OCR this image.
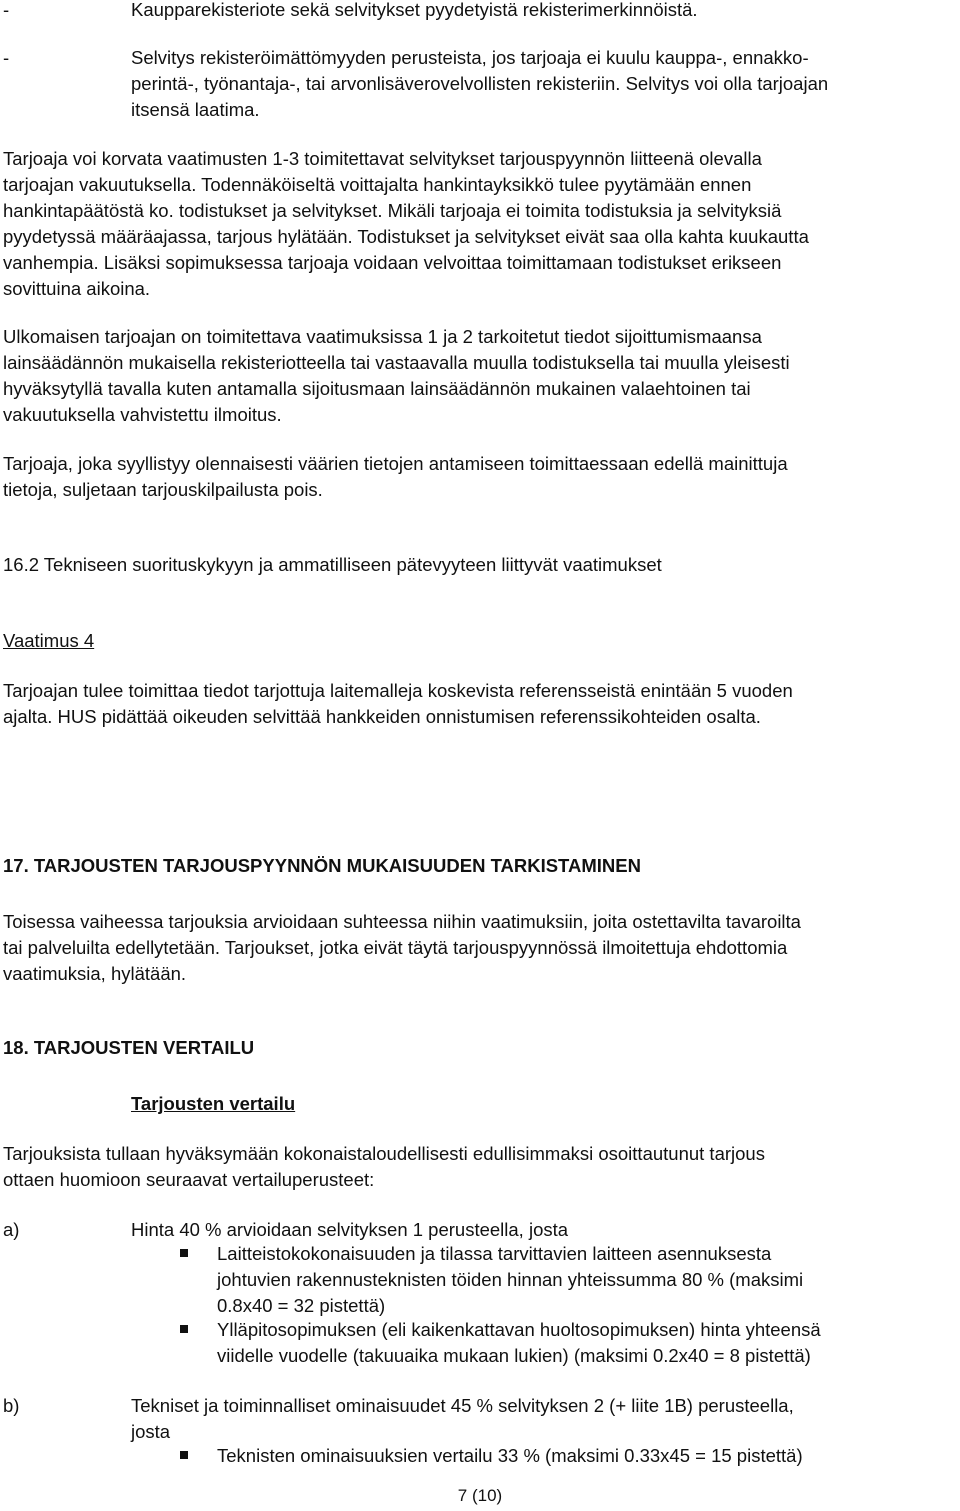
-	Kaupparekisteriote sekä selvitykset pyydetyistä rekisterimerkinnöistä.
-	Selvitys rekisteröimättömyyden perusteista, jos tarjoaja ei kuulu kauppa-, ennakko-
perintä-, työnantaja-, tai arvonlisäverovelvollisten rekisteriin. Selvitys voi olla tarjoajan
itsensä laatima.
Tarjoaja voi korvata vaatimusten 1-3 toimitettavat selvitykset tarjouspyynnön liitteenä olevalla
tarjoajan vakuutuksella. Todennäköiseltä voittajalta hankintayksikkö tulee pyytämään ennen
hankintapäätöstä ko. todistukset ja selvitykset. Mikäli tarjoaja ei toimita todistuksia ja selvityksiä
pyydetyssä määräajassa, tarjous hylätään. Todistukset ja selvitykset eivät saa olla kahta kuukautta
vanhempia. Lisäksi sopimuksessa tarjoaja voidaan velvoittaa toimittamaan todistukset erikseen
sovittuina aikoina.
Ulkomaisen tarjoajan on toimitettava vaatimuksissa 1 ja 2 tarkoitetut tiedot sijoittumismaansa
lainsäädännön mukaisella rekisteriotteella tai vastaavalla muulla todistuksella tai muulla yleisesti
hyväksytyllä tavalla kuten antamalla sijoitusmaan lainsäädännön mukainen valaehtoinen tai
vakuutuksella vahvistettu ilmoitus.
Tarjoaja, joka syyllistyy olennaisesti väärien tietojen antamiseen toimittaessaan edellä mainittuja
tietoja, suljetaan tarjouskilpailusta pois.
16.2 Tekniseen suorituskykyyn ja ammatilliseen pätevyyteen liittyvät vaatimukset
Vaatimus 4
Tarjoajan tulee toimittaa tiedot tarjottuja laitemalleja koskevista referensseistä enintään 5 vuoden
ajalta. HUS pidättää oikeuden selvittää hankkeiden onnistumisen referenssikohteiden osalta.
17. TARJOUSTEN TARJOUSPYYNNÖN MUKAISUUDEN TARKISTAMINEN
Toisessa vaiheessa tarjouksia arvioidaan suhteessa niihin vaatimuksiin, joita ostettavilta tavaroilta
tai palveluilta edellytetään. Tarjoukset, jotka eivät täytä tarjouspyynnössä ilmoitettuja ehdottomia
vaatimuksia, hylätään.
18. TARJOUSTEN VERTAILU
Tarjousten vertailu
Tarjouksista tullaan hyväksymään kokonaistaloudellisesti edullisimmaksi osoittautunut tarjous
ottaen huomioon seuraavat vertailuperusteet:
a)	Hinta 40 % arvioidaan selvityksen 1 perusteella, josta
Laitteistokokonaisuuden ja tilassa tarvittavien laitteen asennuksesta
johtuvien rakennusteknisten töiden hinnan yhteissumma 80 % (maksimi
0.8x40 = 32 pistettä)
Ylläpitosopimuksen (eli kaikenkattavan huoltosopimuksen) hinta yhteensä
viidelle vuodelle (takuuaika mukaan lukien) (maksimi 0.2x40 = 8 pistettä)
b)	Tekniset ja toiminnalliset ominaisuudet 45 % selvityksen 2 (+ liite 1B) perusteella,
josta
Teknisten ominaisuuksien vertailu 33 % (maksimi 0.33x45 = 15 pistettä)
7 (10)
